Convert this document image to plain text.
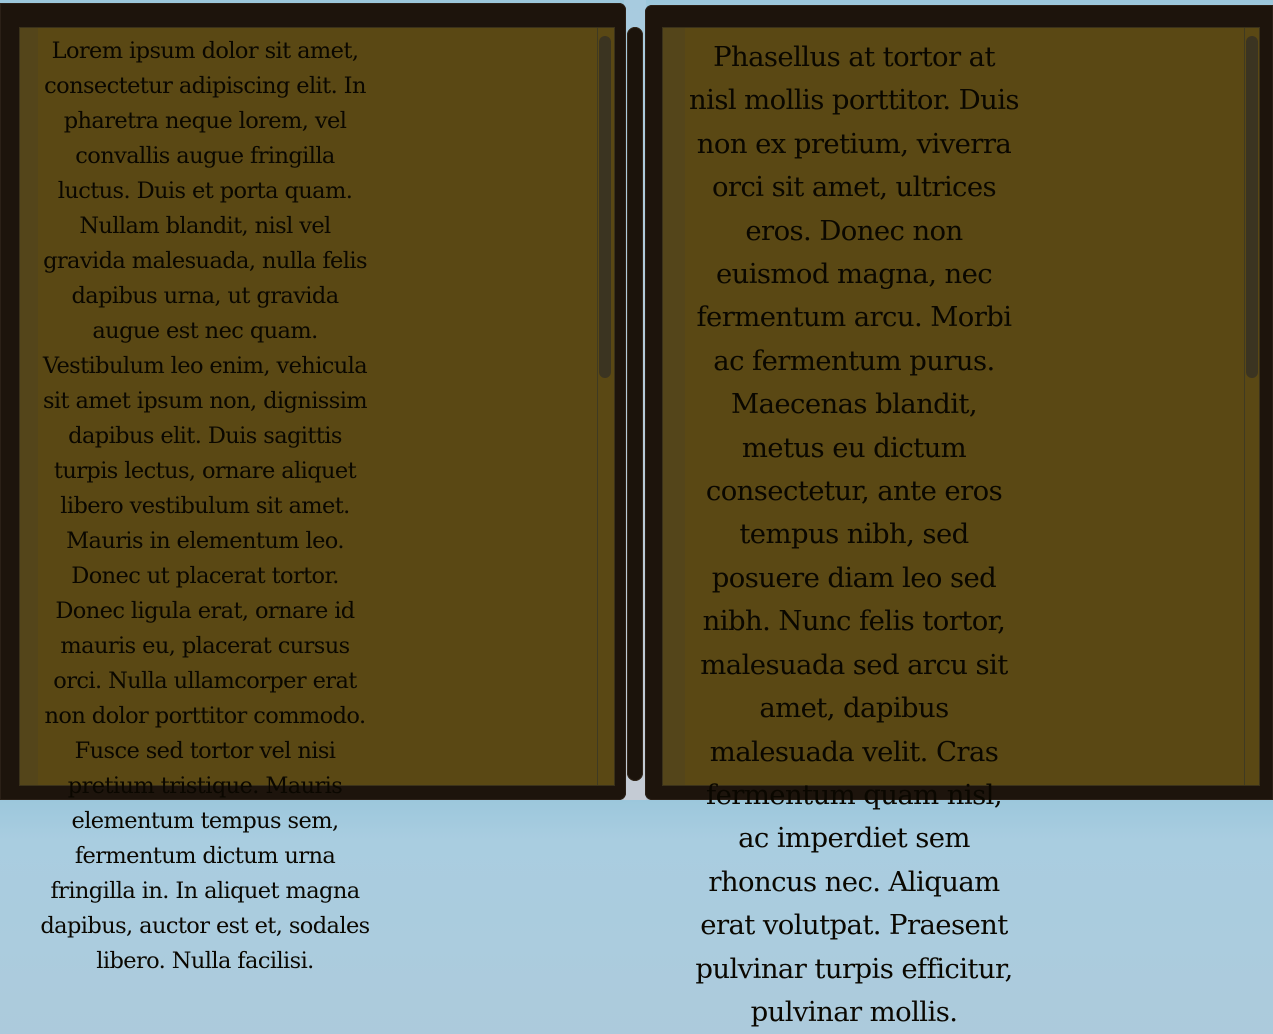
Lorem ipsum dolor sit amet, consectetur adipiscing elit. In pharetra neque lorem, vel convallis augue fringilla luctus. Duis et porta quam. Nullam blandit, nisl vel gravida malesuada, nulla felis dapibus urna, ut gravida augue est nec quam. Vestibulum leo enim, vehicula sit amet ipsum non, dignissim dapibus elit. Duis sagittis turpis lectus, ornare aliquet libero vestibulum sit amet. Mauris in elementum leo. Donec ut placerat tortor. Donec ligula erat, ornare id mauris eu, placerat cursus orci. Nulla ullamcorper erat non dolor porttitor commodo. Fusce sed tortor vel nisi pretium tristique. Mauris elementum tempus sem, fermentum dictum urna fringilla in. In aliquet magna dapibus, auctor est et, sodales libero. Nulla facilisi.
Phasellus at tortor at nisl mollis porttitor. Duis non ex pretium, viverra orci sit amet, ultrices eros. Donec non euismod magna, nec fermentum arcu. Morbi ac fermentum purus. Maecenas blandit, metus eu dictum consectetur, ante eros tempus nibh, sed posuere diam leo sed nibh. Nunc felis tortor, malesuada sed arcu sit amet, dapibus malesuada velit. Cras fermentum quam nisl, ac imperdiet sem rhoncus nec. Aliquam erat volutpat. Praesent pulvinar turpis efficitur, pulvinar mollis.
